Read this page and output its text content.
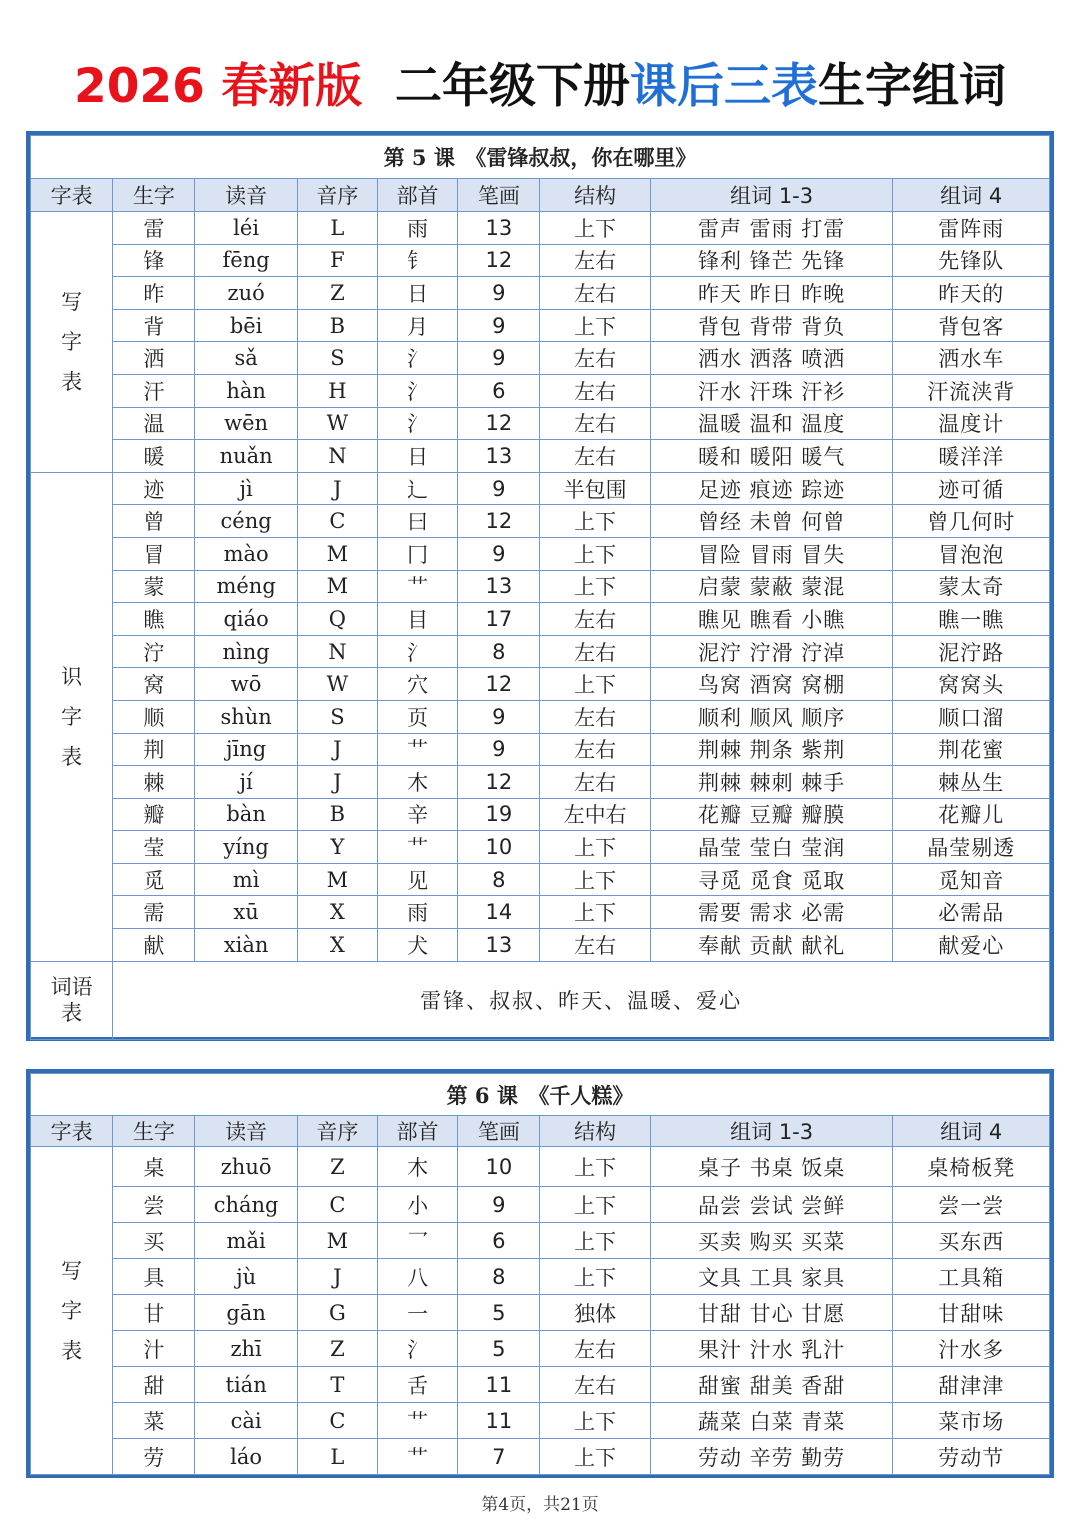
2026 春新版 二年级下册课后三表生字组词
第 5 课　《雷锋叔叔，你在哪里》								
字表	生字	读音	音序	部首	笔画	结构	组词 1-3	组词 4

写
字
表	雷	léi	L	雨	13	上下	雷声 雷雨 打雷	雷阵雨
	锋	fēng	F	钅	12	左右	锋利 锋芒 先锋	先锋队
	昨	zuó	Z	日	9	左右	昨天 昨日 昨晚	昨天的
	背	bēi	B	月	9	上下	背包 背带 背负	背包客
	洒	sǎ	S	氵	9	左右	洒水 洒落 喷洒	洒水车
	汗	hàn	H	氵	6	左右	汗水 汗珠 汗衫	汗流浃背
	温	wēn	W	氵	12	左右	温暖 温和 温度	温度计
	暖	nuǎn	N	日	13	左右	暖和 暖阳 暖气	暖洋洋

识
字
表	迹	jì	J	辶	9	半包围	足迹 痕迹 踪迹	迹可循
	曾	céng	C	曰	12	上下	曾经 未曾 何曾	曾几何时
	冒	mào	M	冂	9	上下	冒险 冒雨 冒失	冒泡泡
	蒙	méng	M	艹	13	上下	启蒙 蒙蔽 蒙混	蒙太奇
	瞧	qiáo	Q	目	17	左右	瞧见 瞧看 小瞧	瞧一瞧
	泞	nìng	N	氵	8	左右	泥泞 泞滑 泞淖	泥泞路
	窝	wō	W	穴	12	上下	鸟窝 酒窝 窝棚	窝窝头
	顺	shùn	S	页	9	左右	顺利 顺风 顺序	顺口溜
	荆	jīng	J	艹	9	左右	荆棘 荆条 紫荆	荆花蜜
	棘	jí	J	木	12	左右	荆棘 棘刺 棘手	棘丛生
	瓣	bàn	B	辛	19	左中右	花瓣 豆瓣 瓣膜	花瓣儿
	莹	yíng	Y	艹	10	上下	晶莹 莹白 莹润	晶莹剔透
	觅	mì	M	见	8	上下	寻觅 觅食 觅取	觅知音
	需	xū	X	雨	14	上下	需要 需求 必需	必需品
	献	xiàn	X	犬	13	左右	奉献 贡献 献礼	献爱心

词语
表	雷锋、叔叔、昨天、温暖、爱心							
第 6 课　《千人糕》								
字表	生字	读音	音序	部首	笔画	结构	组词 1-3	组词 4

写
字
表	桌	zhuō	Z	木	10	上下	桌子 书桌 饭桌	桌椅板凳
	尝	cháng	C	小	9	上下	品尝 尝试 尝鲜	尝一尝
	买	mǎi	M	乛	6	上下	买卖 购买 买菜	买东西
	具	jù	J	八	8	上下	文具 工具 家具	工具箱
	甘	gān	G	一	5	独体	甘甜 甘心 甘愿	甘甜味
	汁	zhī	Z	氵	5	左右	果汁 汁水 乳汁	汁水多
	甜	tián	T	舌	11	左右	甜蜜 甜美 香甜	甜津津
	菜	cài	C	艹	11	上下	蔬菜 白菜 青菜	菜市场
	劳	láo	L	艹	7	上下	劳动 辛劳 勤劳	劳动节
第4页，共21页
